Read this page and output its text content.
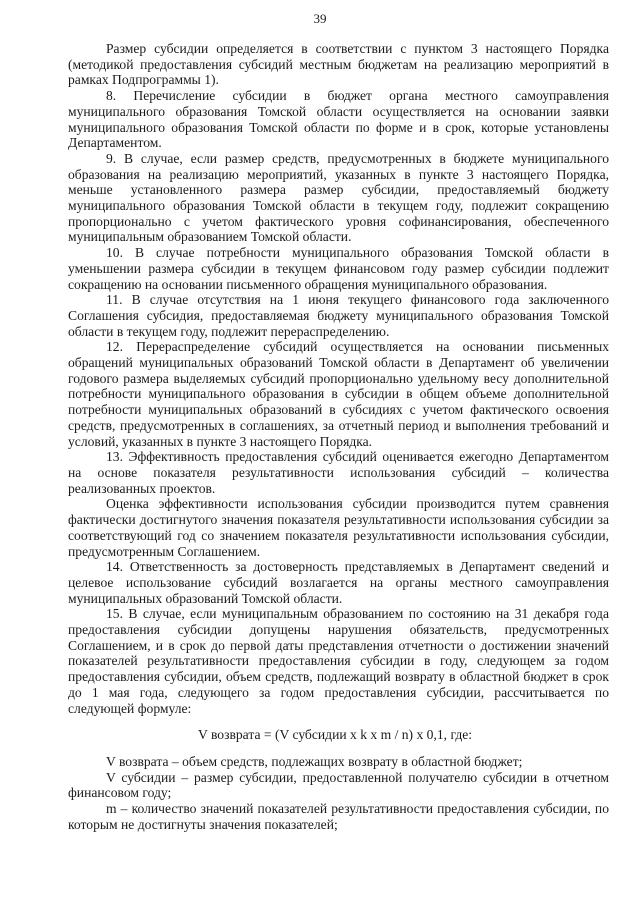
39

Размер субсидии определяется в соответствии с пунктом 3 настоящего Порядка (методикой предоставления субсидий местным бюджетам на реализацию мероприятий в рамках Подпрограммы 1).

8. Перечисление субсидии в бюджет органа местного самоуправления муниципального образования Томской области осуществляется на основании заявки муниципального образования Томской области по форме и в срок, которые установлены Департаментом.

9. В случае, если размер средств, предусмотренных в бюджете муниципального образования на реализацию мероприятий, указанных в пункте 3 настоящего Порядка, меньше установленного размера размер субсидии, предоставляемый бюджету муниципального образования Томской области в текущем году, подлежит сокращению пропорционально с учетом фактического уровня софинансирования, обеспеченного муниципальным образованием Томской области.

10. В случае потребности муниципального образования Томской области в уменьшении размера субсидии в текущем финансовом году размер субсидии подлежит сокращению на основании письменного обращения муниципального образования.

11. В случае отсутствия на 1 июня текущего финансового года заключенного Соглашения субсидия, предоставляемая бюджету муниципального образования Томской области в текущем году, подлежит перераспределению.

12. Перераспределение субсидий осуществляется на основании письменных обращений муниципальных образований Томской области в Департамент об увеличении годового размера выделяемых субсидий пропорционально удельному весу дополнительной потребности муниципального образования в субсидии в общем объеме дополнительной потребности муниципальных образований в субсидиях с учетом фактического освоения средств, предусмотренных в соглашениях, за отчетный период и выполнения требований и условий, указанных в пункте 3 настоящего Порядка.

13. Эффективность предоставления субсидий оценивается ежегодно Департаментом на основе показателя результативности использования субсидий – количества реализованных проектов.

Оценка эффективности использования субсидии производится путем сравнения фактически достигнутого значения показателя результативности использования субсидии за соответствующий год со значением показателя результативности использования субсидии, предусмотренным Соглашением.

14. Ответственность за достоверность представляемых в Департамент сведений и целевое использование субсидий возлагается на органы местного самоуправления муниципальных образований Томской области.

15. В случае, если муниципальным образованием по состоянию на 31 декабря года предоставления субсидии допущены нарушения обязательств, предусмотренных Соглашением, и в срок до первой даты представления отчетности о достижении значений показателей результативности предоставления субсидии в году, следующем за годом предоставления субсидии, объем средств, подлежащий возврату в областной бюджет в срок до 1 мая года, следующего за годом предоставления субсидии, рассчитывается по следующей формуле:

V возврата = (V субсидии x k x m / n) x 0,1, где:

V возврата – объем средств, подлежащих возврату в областной бюджет;

V субсидии – размер субсидии, предоставленной получателю субсидии в отчетном финансовом году;

m – количество значений показателей результативности предоставления субсидии, по которым не достигнуты значения показателей;
